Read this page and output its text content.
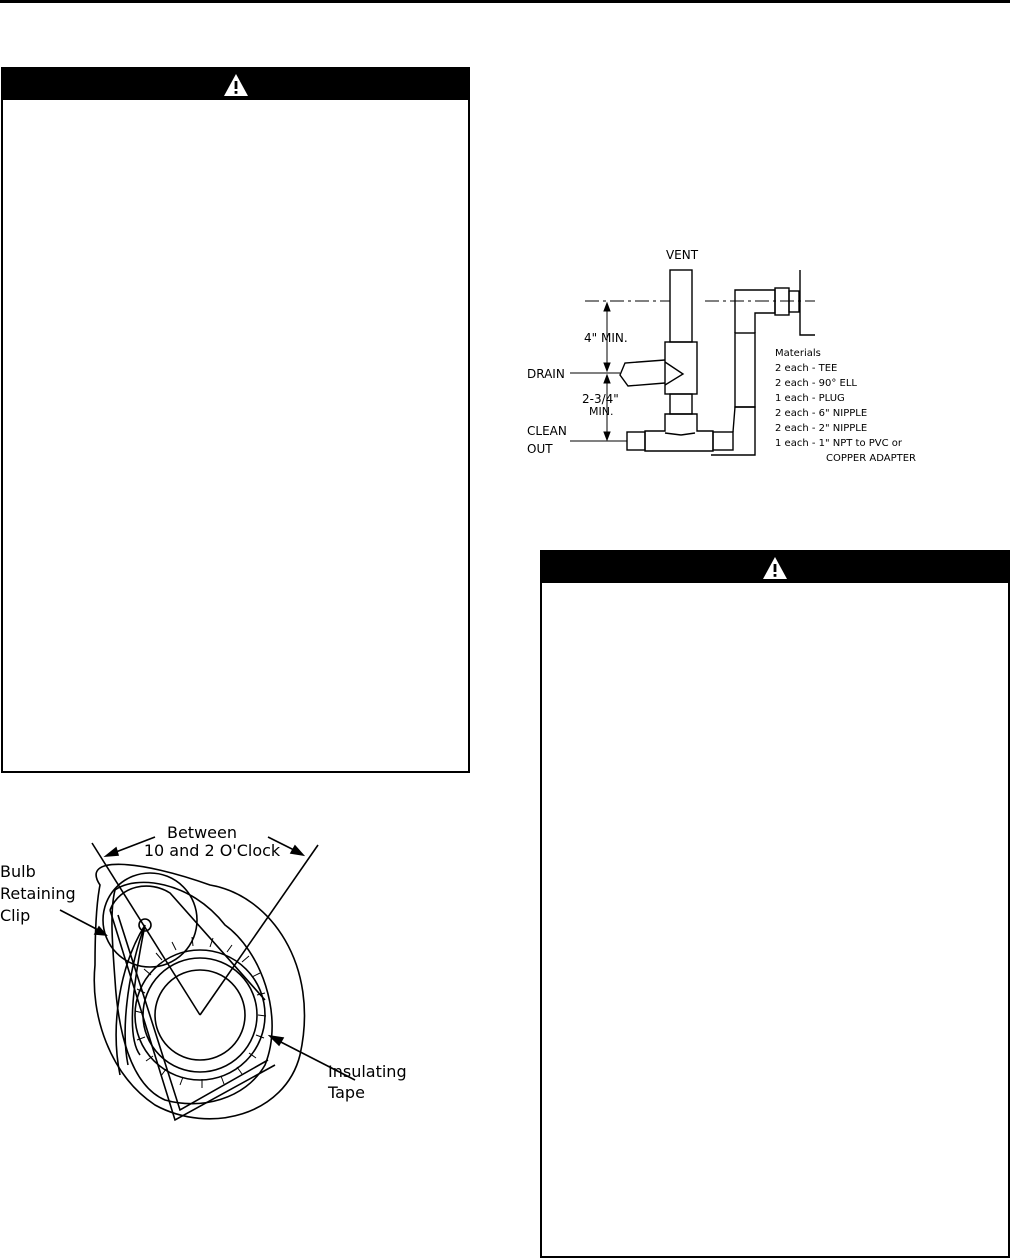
Between
10 and 2 O'Clock
Bulb
Retaining
Clip
Insulating
Tape
VENT
4" MIN.
DRAIN
2-3/4"
MIN.
CLEAN
OUT
Materials
2 each - TEE
2 each - 90° ELL
1 each - PLUG
2 each - 6" NIPPLE
2 each - 2" NIPPLE
1 each - 1" NPT to PVC or
COPPER ADAPTER
